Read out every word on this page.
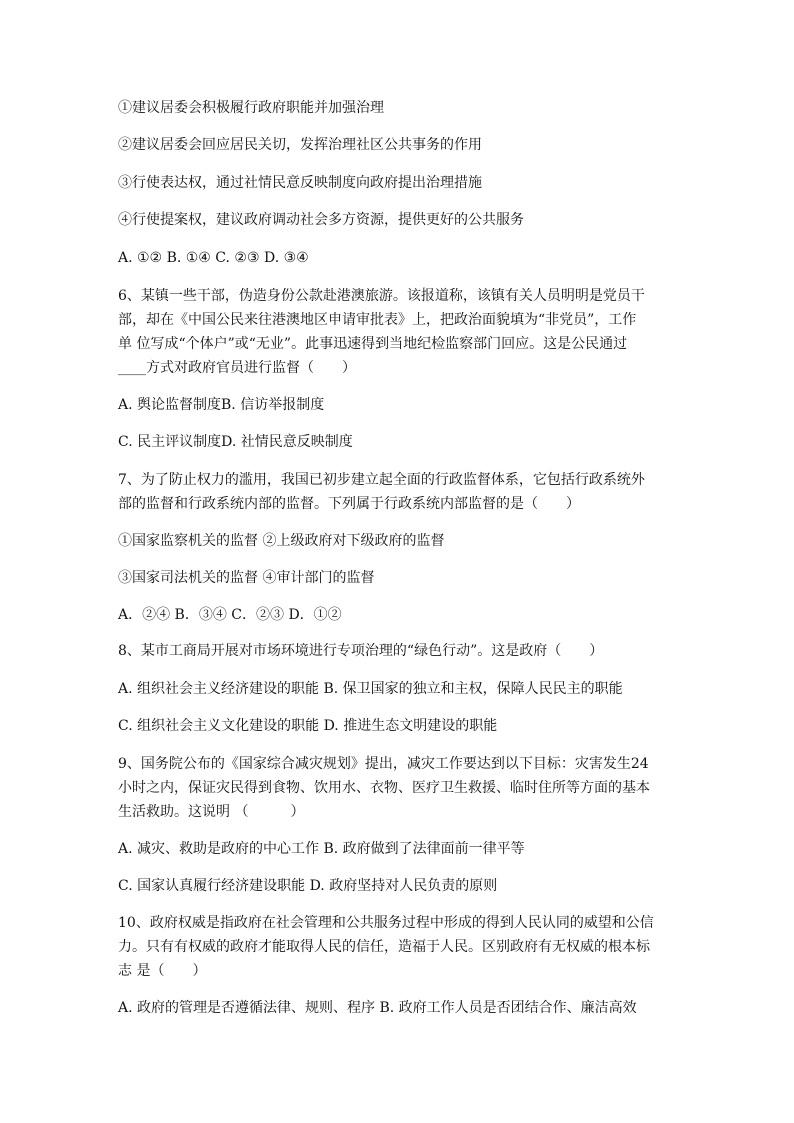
①建议居委会积极履行政府职能并加强治理
②建议居委会回应居民关切，发挥治理社区公共事务的作用
③行使表达权，通过社情民意反映制度向政府提出治理措施
④行使提案权，建议政府调动社会多方资源，提供更好的公共服务
A. ①② B. ①④ C. ②③ D. ③④
6、某镇一些干部，伪造身份公款赴港澳旅游。该报道称，该镇有关人员明明是党员干
部，却在《中国公民来往港澳地区申请审批表》上，把政治面貌填为“非党员”，工作
单 位写成“个体户”或“无业”。此事迅速得到当地纪检监察部门回应。这是公民通过
____方式对政府官员进行监督（　　）
A. 舆论监督制度B. 信访举报制度
C. 民主评议制度D. 社情民意反映制度
7、为了防止权力的滥用，我国已初步建立起全面的行政监督体系，它包括行政系统外
部的监督和行政系统内部的监督。下列属于行政系统内部监督的是（　　）
①国家监察机关的监督 ②上级政府对下级政府的监督
③国家司法机关的监督 ④审计部门的监督
A．②④ B．③④ C．②③ D．①②
8、某市工商局开展对市场环境进行专项治理的“绿色行动”。这是政府（　　）
A. 组织社会主义经济建设的职能 B. 保卫国家的独立和主权，保障人民民主的职能
C. 组织社会主义文化建设的职能 D. 推进生态文明建设的职能
9、国务院公布的《国家综合减灾规划》提出，减灾工作要达到以下目标：灾害发生24
小时之内，保证灾民得到食物、饮用水、衣物、医疗卫生救援、临时住所等方面的基本
生活救助。这说明 （　　　）
A. 减灾、救助是政府的中心工作 B. 政府做到了法律面前一律平等
C. 国家认真履行经济建设职能 D. 政府坚持对人民负责的原则
10、政府权威是指政府在社会管理和公共服务过程中形成的得到人民认同的威望和公信
力。只有有权威的政府才能取得人民的信任，造福于人民。区别政府有无权威的根本标
志 是（　　）
A. 政府的管理是否遵循法律、规则、程序 B. 政府工作人员是否团结合作、廉洁高效
